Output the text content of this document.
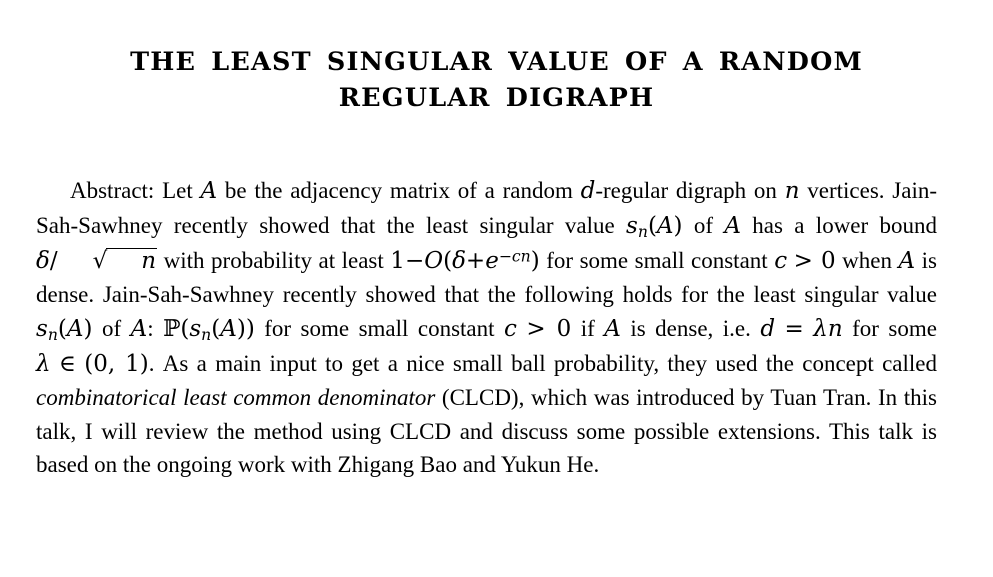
THE LEAST SINGULAR VALUE OF A RANDOM
REGULAR DIGRAPH

Abstract: Let A be the adjacency matrix of a random d-regular digraph on n vertices. Jain-Sah-Sawhney recently showed that the least singular value $s_n(A)$ of A has a lower bound δ/	√ n with probability at least $1-O(\delta+e^{-cn})$ for some small constant c > 0 when A is dense. Jain-Sah-Sawhney recently showed that the following holds for the least singular value $s_n(A)$ of A: $ℙ(s_n(A))$ for some small constant c > 0 if A is dense, i.e. d = λn for some λ ∈ (0, 1). As a main input to get a nice small ball probability, they used the concept called combinatorical least common denominator (CLCD), which was introduced by Tuan Tran. In this talk, I will review the method using CLCD and discuss some possible extensions. This talk is based on the ongoing work with Zhigang Bao and Yukun He.
